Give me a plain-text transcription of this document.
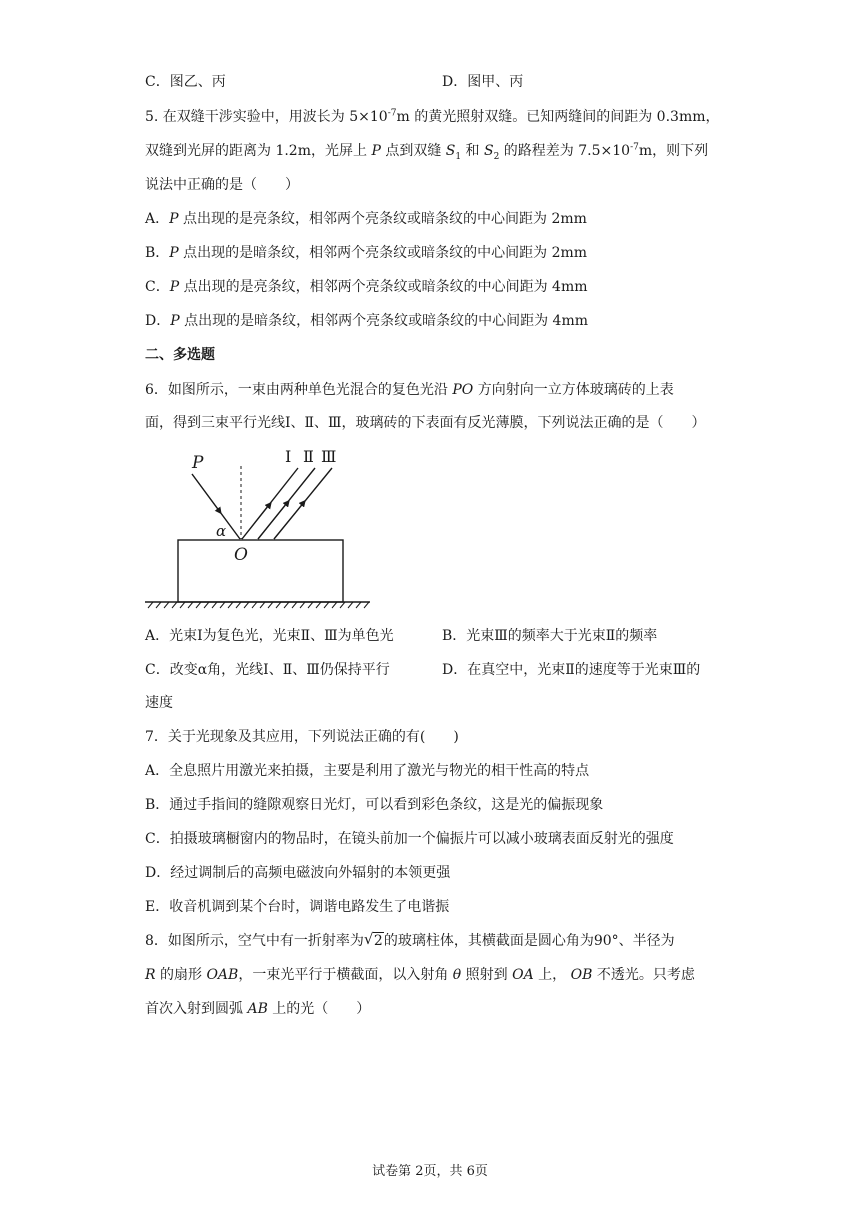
C．图乙、丙	D．图甲、丙
5. 在双缝干涉实验中，用波长为 $5\times 10^{-7}m$ 的黄光照射双缝。已知两缝间的间距为 0.3mm，
双缝到光屏的距离为 1.2m，光屏上 P 点到双缝 $S_1$ 和 $S_2$ 的路程差为 $7.5\times 10^{-7}m$，则下列
说法中正确的是（　　）
A．P 点出现的是亮条纹，相邻两个亮条纹或暗条纹的中心间距为 2mm
B．P 点出现的是暗条纹，相邻两个亮条纹或暗条纹的中心间距为 2mm
C．P 点出现的是亮条纹，相邻两个亮条纹或暗条纹的中心间距为 4mm
D．P 点出现的是暗条纹，相邻两个亮条纹或暗条纹的中心间距为 4mm
二、多选题
6．如图所示，一束由两种单色光混合的复色光沿 PO 方向射向一立方体玻璃砖的上表
面，得到三束平行光线Ⅰ、Ⅱ、Ⅲ，玻璃砖的下表面有反光薄膜，下列说法正确的是（　　）
P	Ⅰ Ⅱ Ⅲ
α
O
A．光束Ⅰ为复色光，光束Ⅱ、Ⅲ为单色光	B．光束Ⅲ的频率大于光束Ⅱ的频率
C．改变α角，光线Ⅰ、Ⅱ、Ⅲ仍保持平行	D．在真空中，光束Ⅱ的速度等于光束Ⅲ的
速度
7．关于光现象及其应用，下列说法正确的有(　　)
A．全息照片用激光来拍摄，主要是利用了激光与物光的相干性高的特点
B．通过手指间的缝隙观察日光灯，可以看到彩色条纹，这是光的偏振现象
C．拍摄玻璃橱窗内的物品时，在镜头前加一个偏振片可以减小玻璃表面反射光的强度
D．经过调制后的高频电磁波向外辐射的本领更强
E．收音机调到某个台时，调谐电路发生了电谐振
8．如图所示，空气中有一折射率为 √ 2的玻璃柱体，其横截面是圆心角为90°、半径为
R 的扇形 OAB，一束光平行于横截面，以入射角 θ 照射到 OA 上， OB 不透光。只考虑
首次入射到圆弧 AB 上的光（　　）
试卷第 2页，共 6页
